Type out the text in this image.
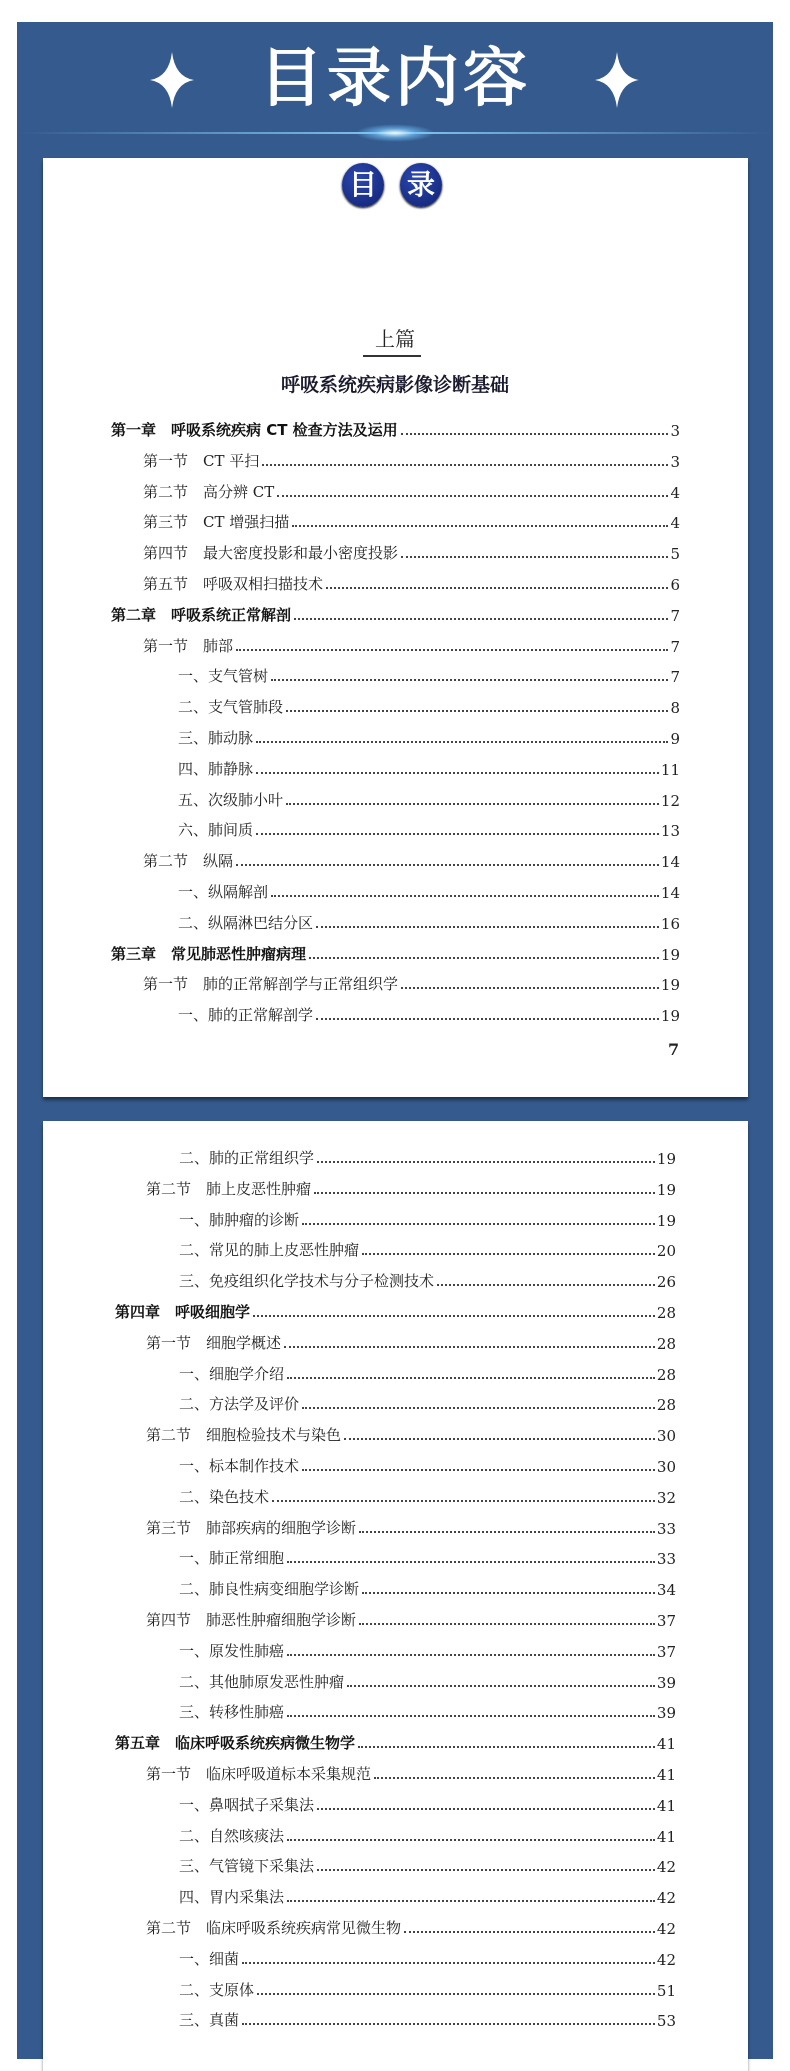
目录内容
目 录
上篇
呼吸系统疾病影像诊断基础
7
第一章　呼吸系统疾病 CT 检查方法及运用	3
第一节　CT 平扫	3
第二节　高分辨 CT	4
第三节　CT 增强扫描	4
第四节　最大密度投影和最小密度投影	5
第五节　呼吸双相扫描技术	6
第二章　呼吸系统正常解剖	7
第一节　肺部	7
一、支气管树	7
二、支气管肺段	8
三、肺动脉	9
四、肺静脉	11
五、次级肺小叶	12
六、肺间质	13
第二节　纵隔	14
一、纵隔解剖	14
二、纵隔淋巴结分区	16
第三章　常见肺恶性肿瘤病理	19
第一节　肺的正常解剖学与正常组织学	19
一、肺的正常解剖学	19
二、肺的正常组织学	19
第二节　肺上皮恶性肿瘤	19
一、肺肿瘤的诊断	19
二、常见的肺上皮恶性肿瘤	20
三、免疫组织化学技术与分子检测技术	26
第四章　呼吸细胞学	28
第一节　细胞学概述	28
一、细胞学介绍	28
二、方法学及评价	28
第二节　细胞检验技术与染色	30
一、标本制作技术	30
二、染色技术	32
第三节　肺部疾病的细胞学诊断	33
一、肺正常细胞	33
二、肺良性病变细胞学诊断	34
第四节　肺恶性肿瘤细胞学诊断	37
一、原发性肺癌	37
二、其他肺原发恶性肿瘤	39
三、转移性肺癌	39
第五章　临床呼吸系统疾病微生物学	41
第一节　临床呼吸道标本采集规范	41
一、鼻咽拭子采集法	41
二、自然咳痰法	41
三、气管镜下采集法	42
四、胃内采集法	42
第二节　临床呼吸系统疾病常见微生物	42
一、细菌	42
二、支原体	51
三、真菌	53
